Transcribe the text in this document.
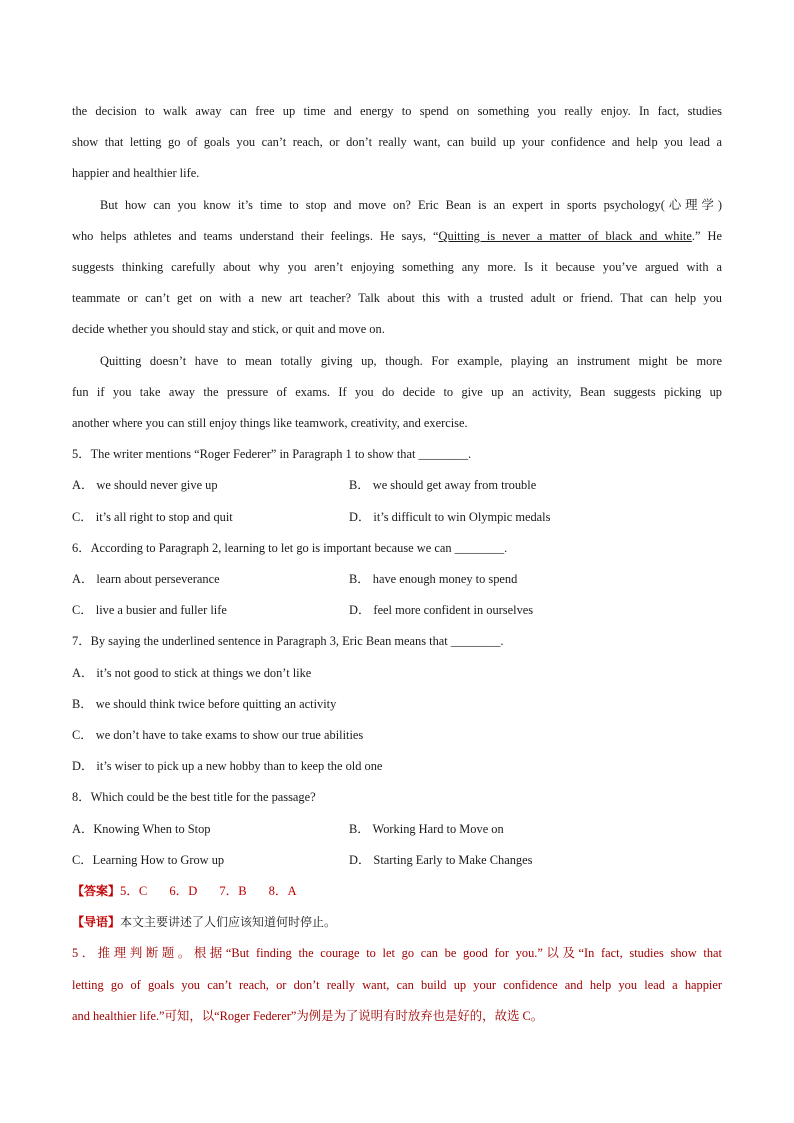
the decision to walk away can free up time and energy to spend on something you really enjoy. In fact, studies
show that letting go of goals you can’t reach, or don’t really want, can build up your confidence and help you lead a
happier and healthier life.
But how can you know it’s time to stop and move on? Eric Bean is an expert in sports psychology(心理学)
who helps athletes and teams understand their feelings. He says, “Quitting is never a matter of black and white.” He
suggests thinking carefully about why you aren’t enjoying something any more. Is it because you’ve argued with a
teammate or can’t get on with a new art teacher? Talk about this with a trusted adult or friend. That can help you
decide whether you should stay and stick, or quit and move on.
Quitting doesn’t have to mean totally giving up, though. For example, playing an instrument might be more
fun if you take away the pressure of exams. If you do decide to give up an activity, Bean suggests picking up
another where you can still enjoy things like teamwork, creativity, and exercise.
5．The writer mentions “Roger Federer” in Paragraph 1 to show that ________.
A． we should never give up	B． we should get away from trouble
C． it’s all right to stop and quit	D． it’s difficult to win Olympic medals
6．According to Paragraph 2, learning to let go is important because we can ________.
A． learn about perseverance	B． have enough money to spend
C． live a busier and fuller life	D． feel more confident in ourselves
7．By saying the underlined sentence in Paragraph 3, Eric Bean means that ________.
A． it’s not good to stick at things we don’t like
B． we should think twice before quitting an activity
C． we don’t have to take exams to show our true abilities
D． it’s wiser to pick up a new hobby than to keep the old one
8．Which could be the best title for the passage?
A．Knowing When to Stop	B． Working Hard to Move on
C．Learning How to Grow up	D． Starting Early to Make Changes
【答案】5．C 6．D 7．B 8．A
【导语】本文主要讲述了人们应该知道何时停止。
5．推理判断题。根据“But finding the courage to let go can be good for you.”以及“In fact, studies show that
letting go of goals you can’t reach, or don’t really want, can build up your confidence and help you lead a happier
and healthier life.”可知，以“Roger Federer”为例是为了说明有时放弃也是好的，故选 C。
